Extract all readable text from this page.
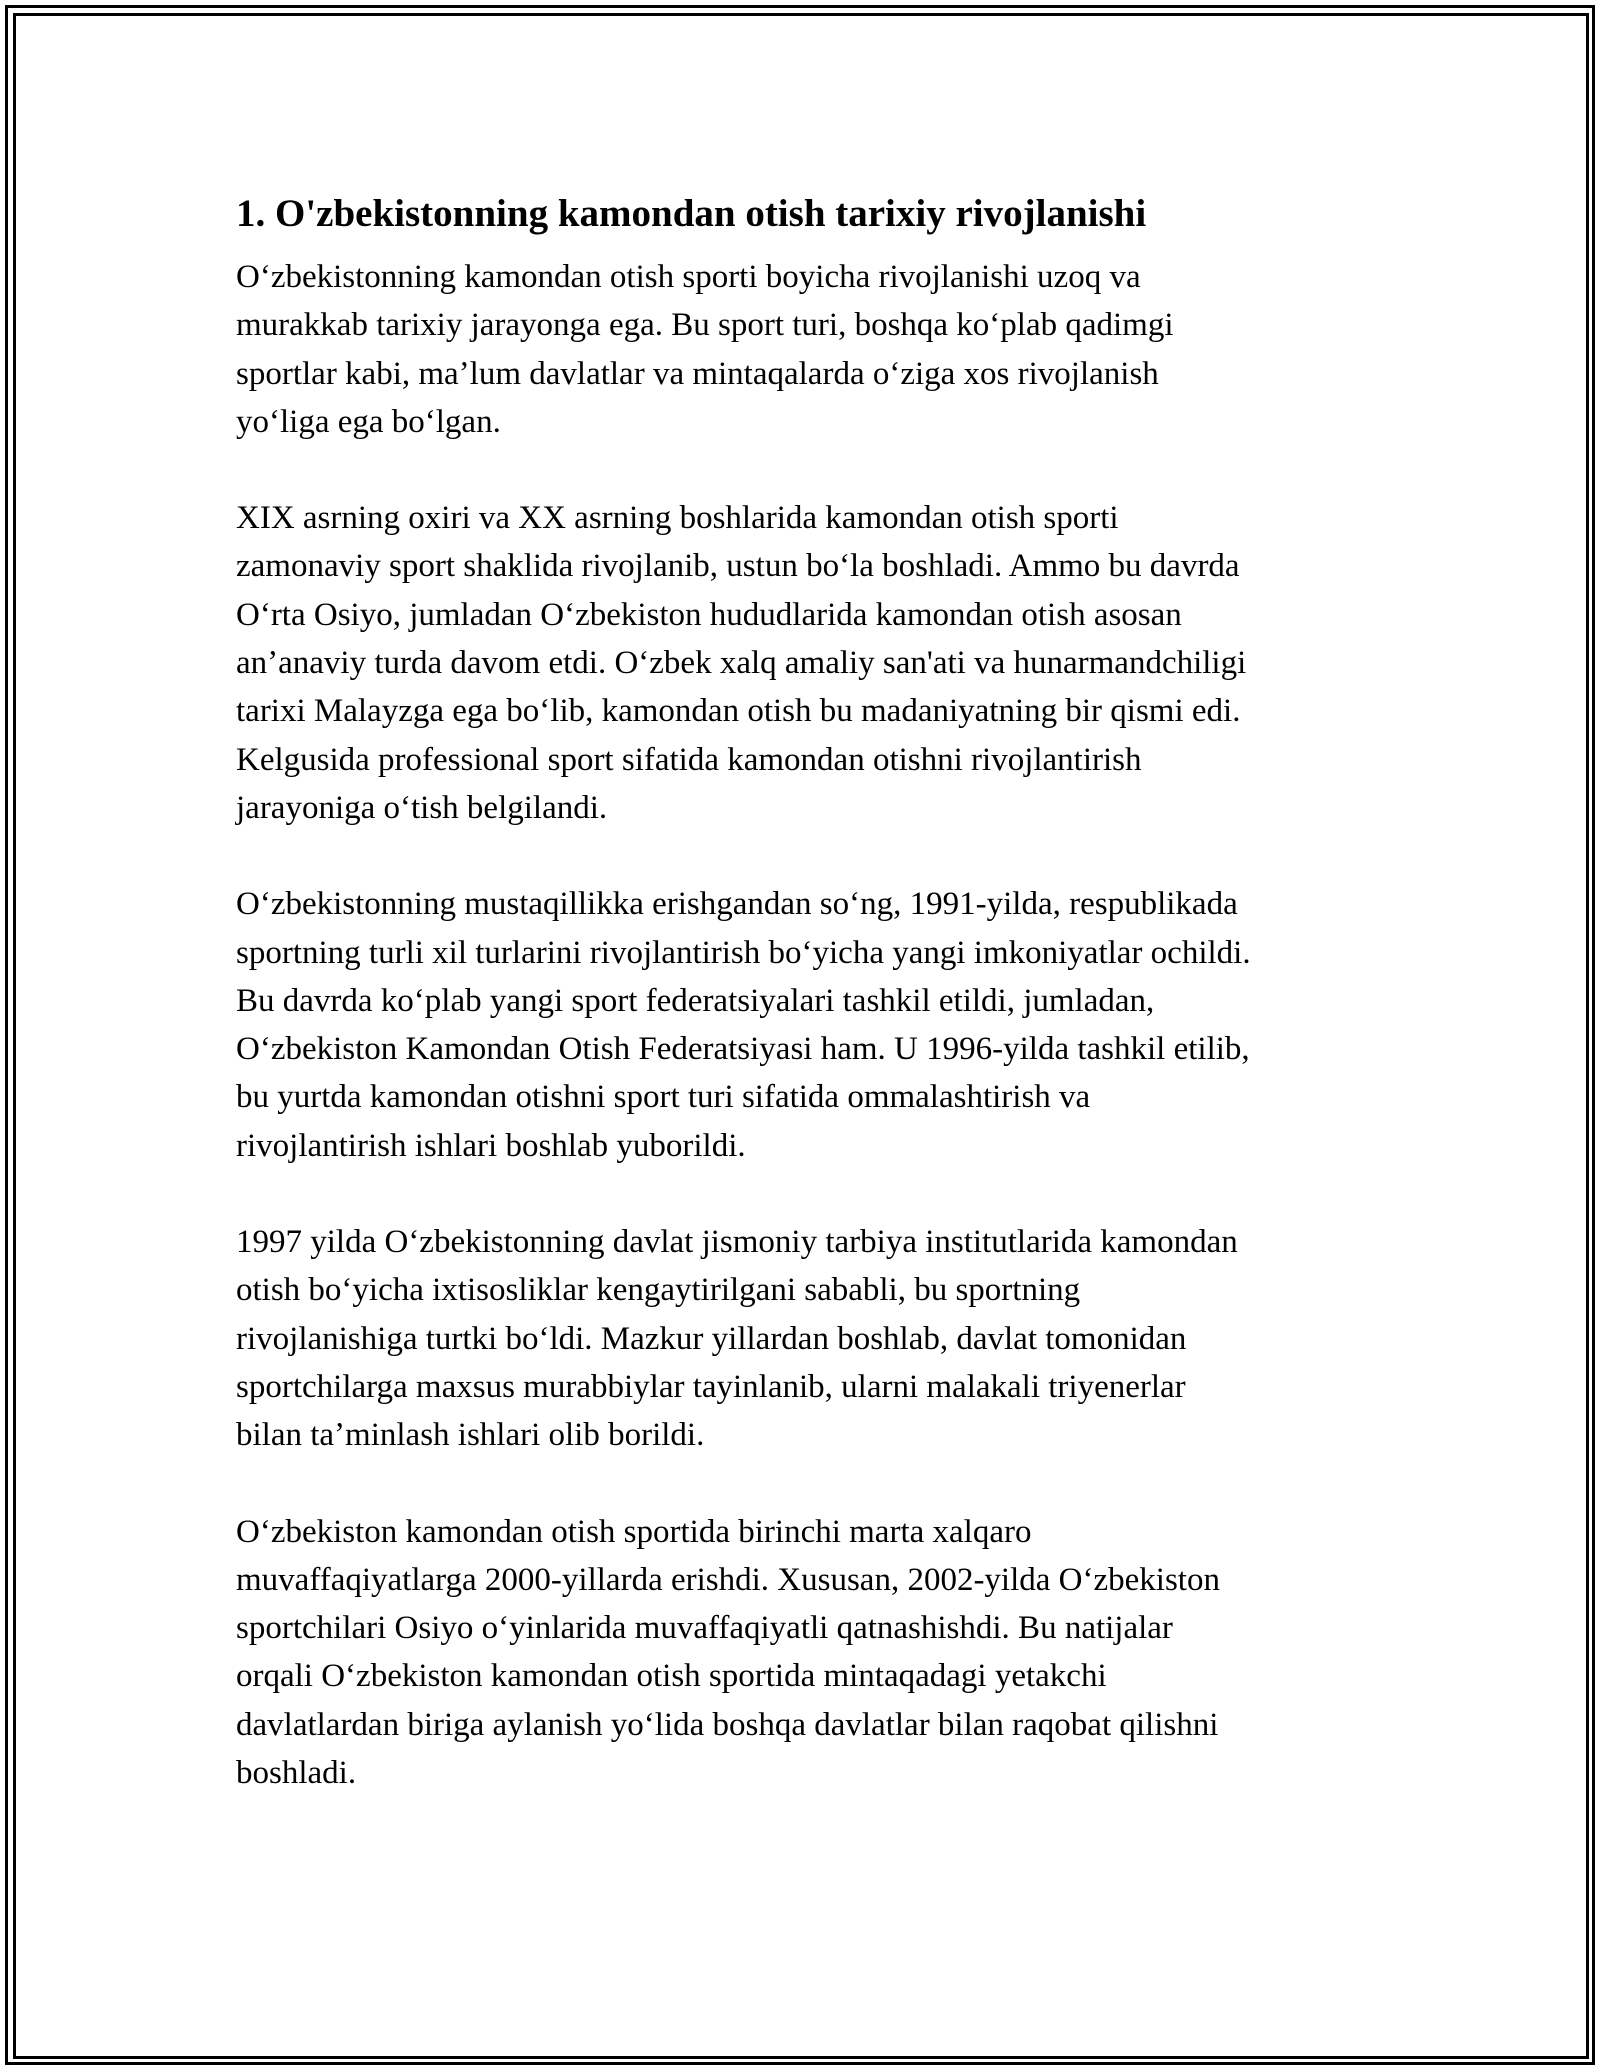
1. O'zbekistonning kamondan otish tarixiy rivojlanishi

Oʻzbekistonning kamondan otish sporti boyicha rivojlanishi uzoq va
murakkab tarixiy jarayonga ega. Bu sport turi, boshqa koʻplab qadimgi
sportlar kabi, maʼlum davlatlar va mintaqalarda oʻziga xos rivojlanish
yoʻliga ega boʻlgan.

XIX asrning oxiri va XX asrning boshlarida kamondan otish sporti
zamonaviy sport shaklida rivojlanib, ustun boʻla boshladi. Ammo bu davrda
Oʻrta Osiyo, jumladan Oʻzbekiston hududlarida kamondan otish asosan
anʼanaviy turda davom etdi. Oʻzbek xalq amaliy san'ati va hunarmandchiligi
tarixi Malayzga ega boʻlib, kamondan otish bu madaniyatning bir qismi edi.
Kelgusida professional sport sifatida kamondan otishni rivojlantirish
jarayoniga oʻtish belgilandi.

Oʻzbekistonning mustaqillikka erishgandan soʻng, 1991-yilda, respublikada
sportning turli xil turlarini rivojlantirish boʻyicha yangi imkoniyatlar ochildi.
Bu davrda koʻplab yangi sport federatsiyalari tashkil etildi, jumladan,
Oʻzbekiston Kamondan Otish Federatsiyasi ham. U 1996-yilda tashkil etilib,
bu yurtda kamondan otishni sport turi sifatida ommalashtirish va
rivojlantirish ishlari boshlab yuborildi.

1997 yilda Oʻzbekistonning davlat jismoniy tarbiya institutlarida kamondan
otish boʻyicha ixtisosliklar kengaytirilgani sababli, bu sportning
rivojlanishiga turtki boʻldi. Mazkur yillardan boshlab, davlat tomonidan
sportchilarga maxsus murabbiylar tayinlanib, ularni malakali triyenerlar
bilan taʼminlash ishlari olib borildi.

Oʻzbekiston kamondan otish sportida birinchi marta xalqaro
muvaffaqiyatlarga 2000-yillarda erishdi. Xususan, 2002-yilda Oʻzbekiston
sportchilari Osiyo oʻyinlarida muvaffaqiyatli qatnashishdi. Bu natijalar
orqali Oʻzbekiston kamondan otish sportida mintaqadagi yetakchi
davlatlardan biriga aylanish yoʻlida boshqa davlatlar bilan raqobat qilishni
boshladi.
